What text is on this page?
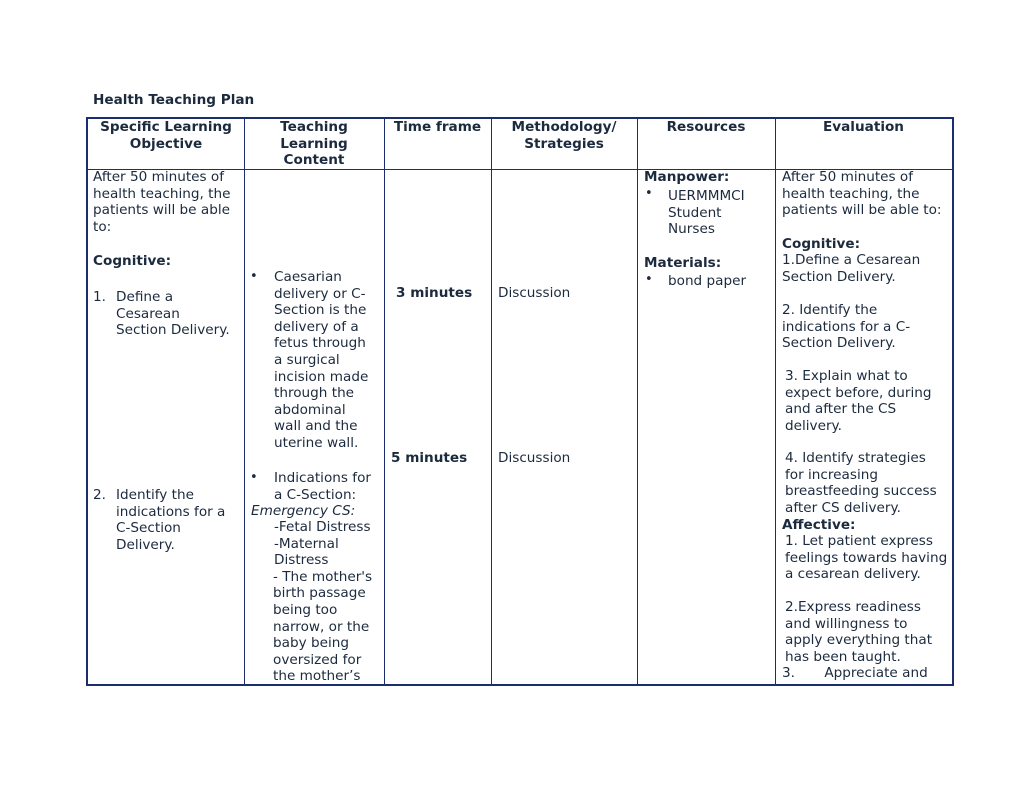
Health Teaching Plan
Specific Learning
Objective
Teaching
Learning
Content
Time frame	Methodology/
Strategies
Resources	Evaluation
After 50 minutes of
health teaching, the
patients will be able
to:
Cognitive:
1. Define a
Cesarean
Section Delivery.
2. Identify the
indications for a
C-Section
Delivery.
• Caesarian
delivery or C-
Section is the
delivery of a
fetus through
a surgical
incision made
through the
abdominal
wall and the
uterine wall.
• Indications for
a C-Section:
Emergency CS:
-Fetal Distress
-Maternal
Distress
- The mother's
birth passage
being too
narrow, or the
baby being
oversized for
the mother’s
3 minutes
5 minutes
Discussion
Discussion
Manpower:
• UERMMMCI
Student
Nurses
Materials:
• bond paper
After 50 minutes of
health teaching, the
patients will be able to:
Cognitive:
1.Define a Cesarean
Section Delivery.
2. Identify the
indications for a C-
Section Delivery.
3. Explain what to
expect before, during
and after the CS
delivery.
4. Identify strategies
for increasing
breastfeeding success
after CS delivery.
Affective:
1. Let patient express
feelings towards having
a cesarean delivery.
2.Express readiness
and willingness to
apply everything that
has been taught.
3. Appreciate and
